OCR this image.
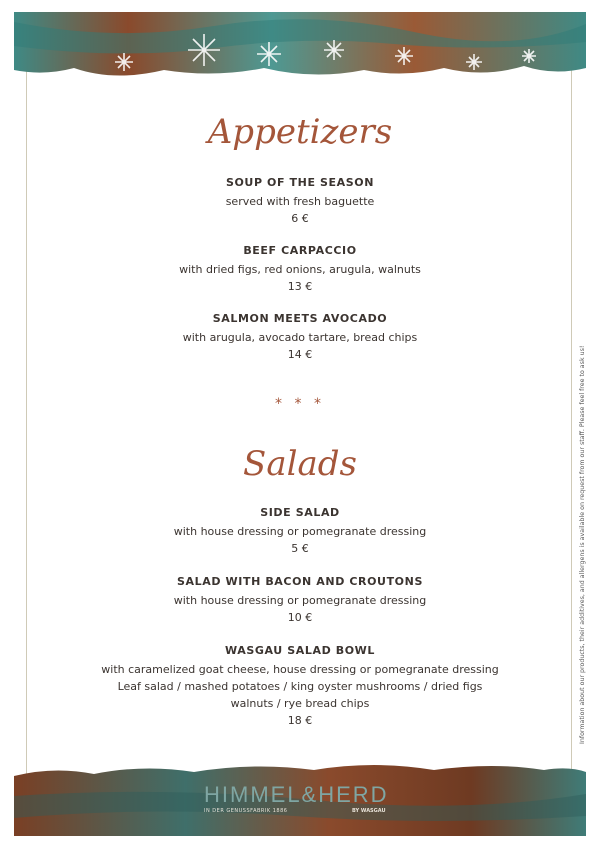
Appetizers
SOUP OF THE SEASON
served with fresh baguette
6 €
BEEF CARPACCIO
with dried figs, red onions, arugula, walnuts
13 €
SALMON MEETS AVOCADO
with arugula, avocado tartare, bread chips
14 €
* * *
Salads
SIDE SALAD
with house dressing or pomegranate dressing
5 €
SALAD WITH BACON AND CROUTONS
with house dressing or pomegranate dressing
10 €
WASGAU SALAD BOWL
with caramelized goat cheese, house dressing or pomegranate dressing
Leaf salad / mashed potatoes / king oyster mushrooms / dried figs
walnuts / rye bread chips
18 €	Information about our products, their additives, and allergens is available on request from our staff. Please feel free to ask us!
HIMMEL&HERD
IN DER GENUSSFABRIK 1886	BY WASGAU
